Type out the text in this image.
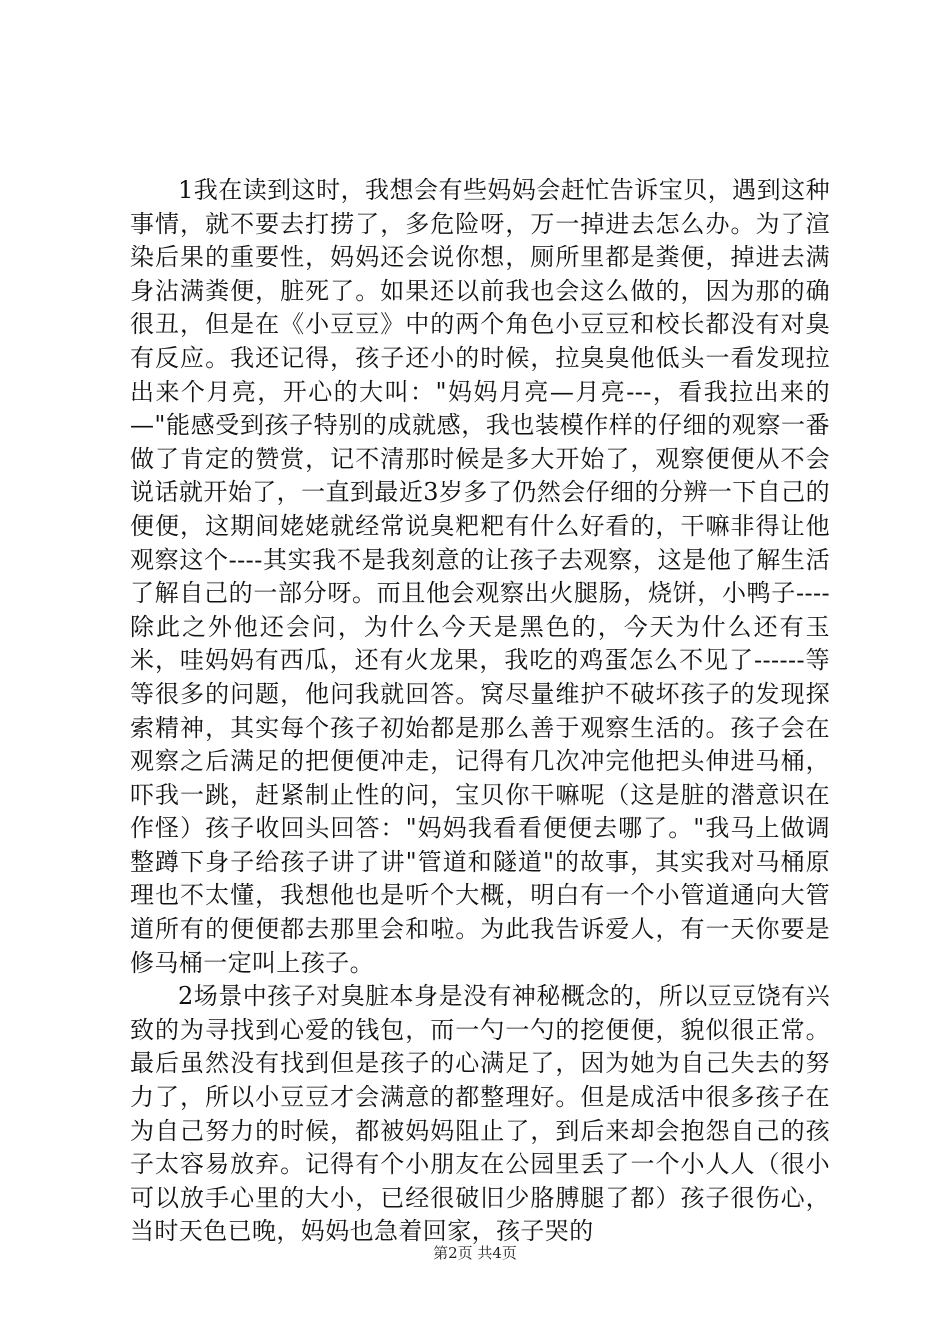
1我在读到这时，我想会有些妈妈会赶忙告诉宝贝，遇到这种事情，就不要去打捞了，多危险呀，万一掉进去怎么办。为了渲染后果的重要性，妈妈还会说你想，厕所里都是粪便，掉进去满身沾满粪便，脏死了。如果还以前我也会这么做的，因为那的确很丑，但是在《小豆豆》中的两个角色小豆豆和校长都没有对臭有反应。我还记得，孩子还小的时候，拉臭臭他低头一看发现拉出来个月亮，开心的大叫："妈妈月亮—月亮---，看我拉出来的—"能感受到孩子特别的成就感，我也装模作样的仔细的观察一番做了肯定的赞赏，记不清那时候是多大开始了，观察便便从不会说话就开始了，一直到最近3岁多了仍然会仔细的分辨一下自己的便便，这期间姥姥就经常说臭粑粑有什么好看的，干嘛非得让他观察这个----其实我不是我刻意的让孩子去观察，这是他了解生活了解自己的一部分呀。而且他会观察出火腿肠，烧饼，小鸭子----除此之外他还会问，为什么今天是黑色的，今天为什么还有玉米，哇妈妈有西瓜，还有火龙果，我吃的鸡蛋怎么不见了------等等很多的问题，他问我就回答。窝尽量维护不破坏孩子的发现探索精神，其实每个孩子初始都是那么善于观察生活的。孩子会在观察之后满足的把便便冲走，记得有几次冲完他把头伸进马桶，吓我一跳，赶紧制止性的问，宝贝你干嘛呢（这是脏的潜意识在作怪）孩子收回头回答："妈妈我看看便便去哪了。"我马上做调整蹲下身子给孩子讲了讲"管道和隧道"的故事，其实我对马桶原理也不太懂，我想他也是听个大概，明白有一个小管道通向大管道所有的便便都去那里会和啦。为此我告诉爱人，有一天你要是修马桶一定叫上孩子。

2场景中孩子对臭脏本身是没有神秘概念的，所以豆豆饶有兴致的为寻找到心爱的钱包，而一勺一勺的挖便便，貌似很正常。最后虽然没有找到但是孩子的心满足了，因为她为自己失去的努力了，所以小豆豆才会满意的都整理好。但是成活中很多孩子在为自己努力的时候，都被妈妈阻止了，到后来却会抱怨自己的孩子太容易放弃。记得有个小朋友在公园里丢了一个小人人（很小可以放手心里的大小，已经很破旧少胳膊腿了都）孩子很伤心，当时天色已晚，妈妈也急着回家，孩子哭的

第2页 共4页
